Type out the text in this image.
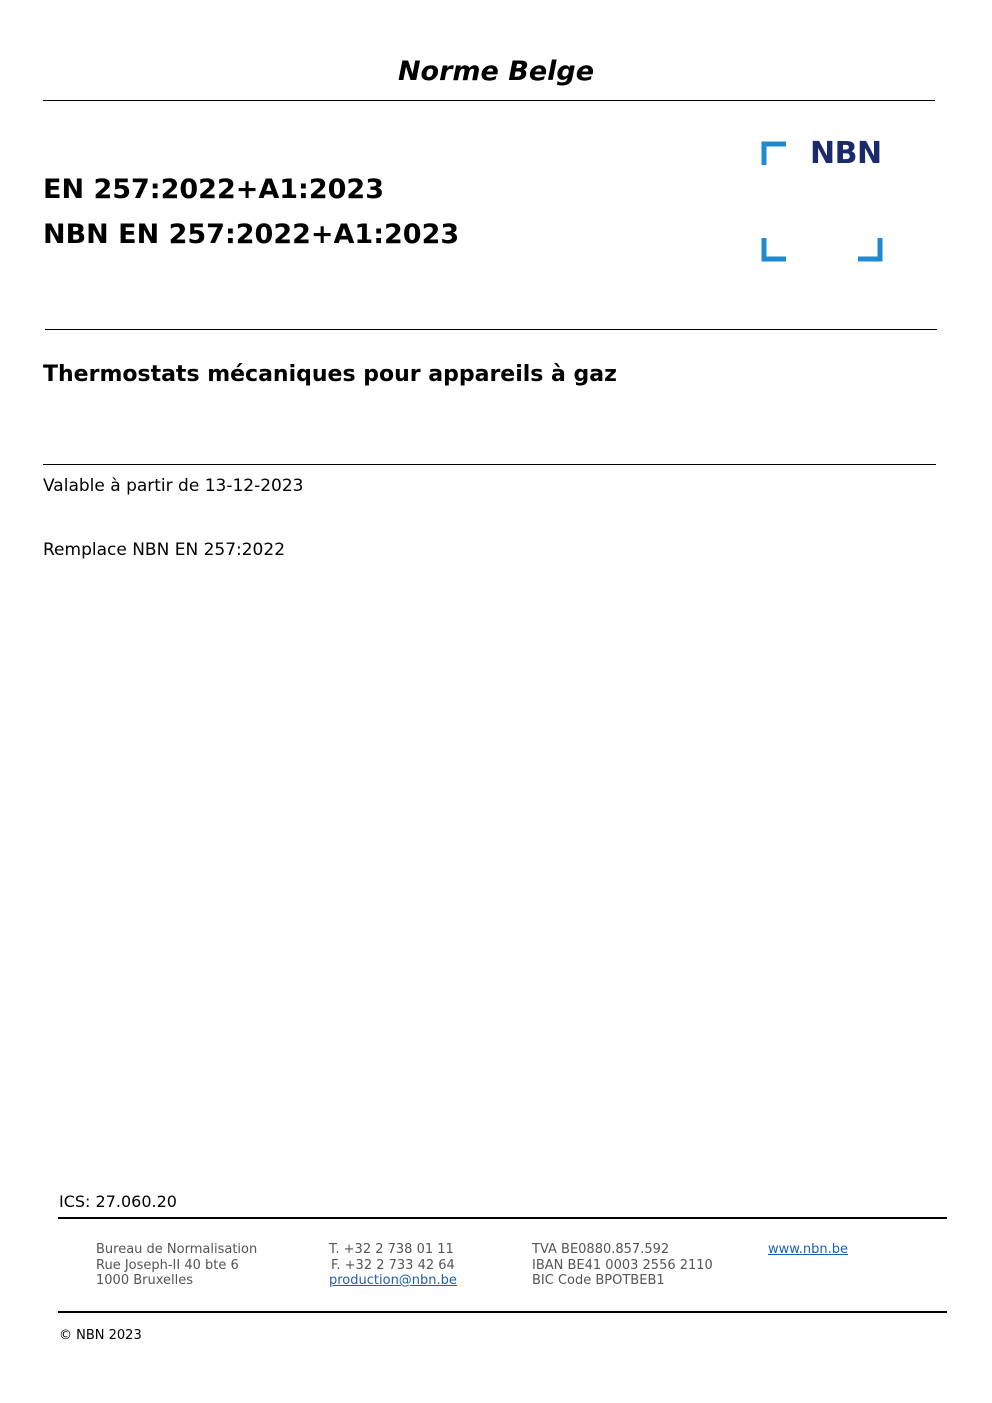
Norme Belge
EN 257:2022+A1:2023
NBN EN 257:2022+A1:2023
NBN
Thermostats mécaniques pour appareils à gaz
Valable à partir de 13-12-2023
Remplace NBN EN 257:2022
ICS: 27.060.20
Bureau de Normalisation
Rue Joseph-II 40 bte 6
1000 Bruxelles
T. +32 2 738 01 11
F. +32 2 733 42 64
production@nbn.be
TVA BE0880.857.592
IBAN BE41 0003 2556 2110
BIC Code BPOTBEB1
www.nbn.be
© NBN 2023
